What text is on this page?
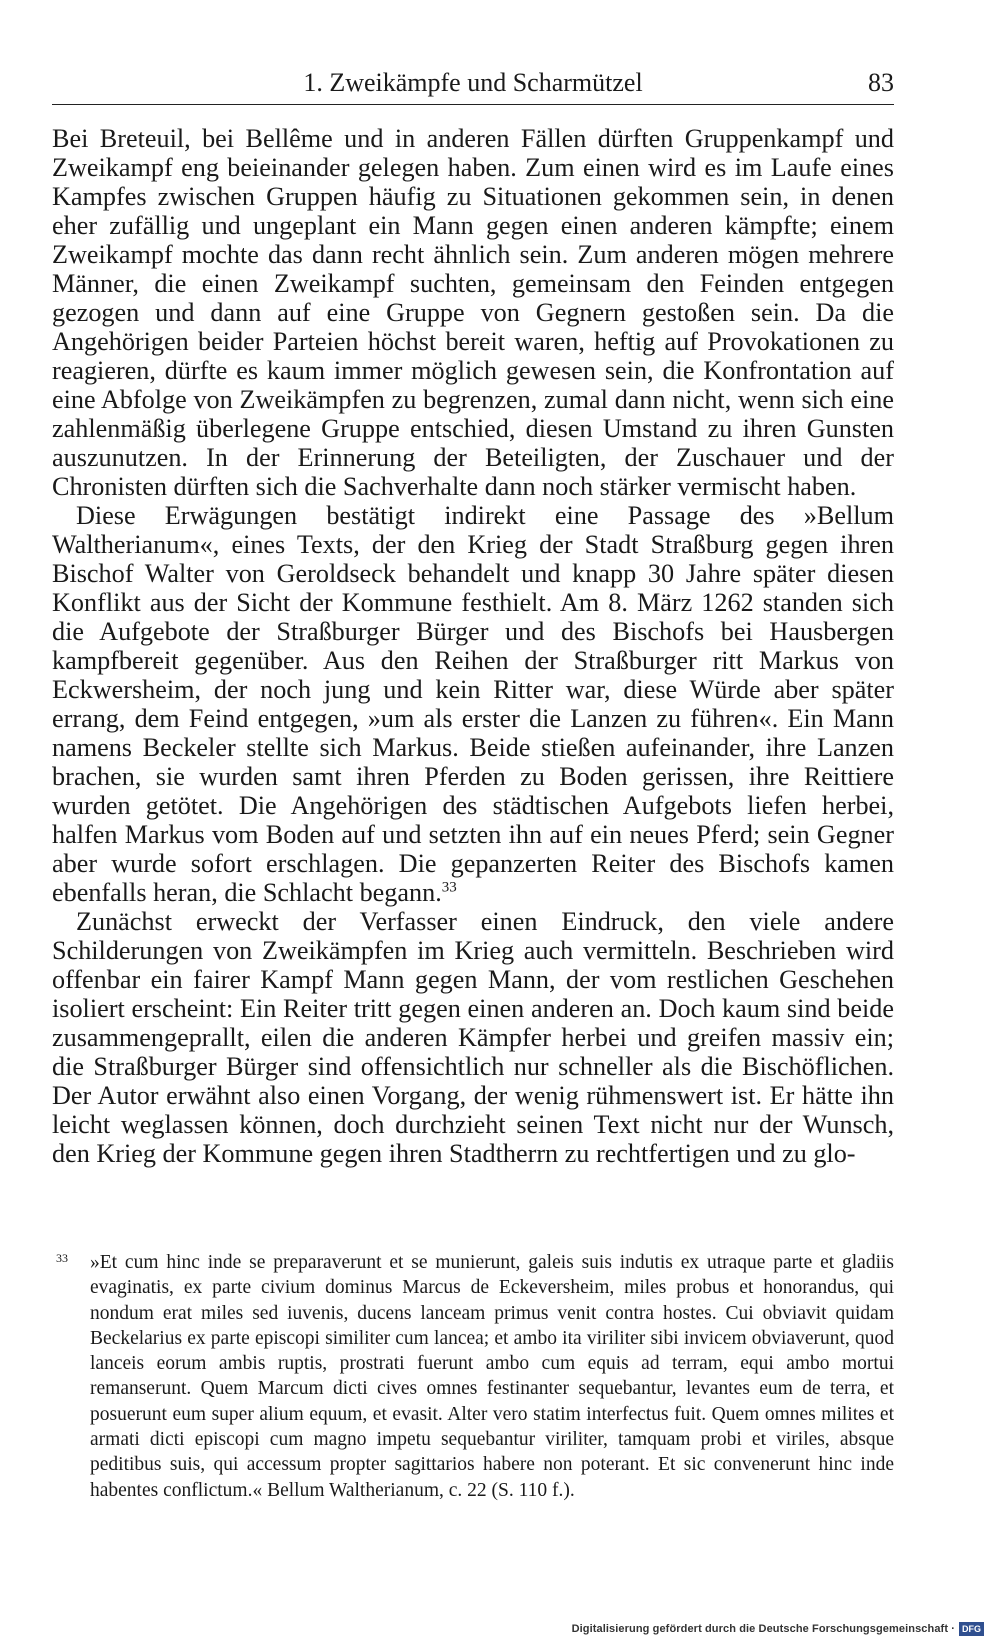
1. Zweikämpfe und Scharmützel	83

Bei Breteuil, bei Bellême und in anderen Fällen dürften Gruppenkampf und Zweikampf eng beieinander gelegen haben. Zum einen wird es im Laufe eines Kampfes zwischen Gruppen häufig zu Situationen gekommen sein, in denen eher zufällig und ungeplant ein Mann gegen einen anderen kämpfte; einem Zweikampf mochte das dann recht ähnlich sein. Zum anderen mögen mehrere Männer, die einen Zweikampf suchten, gemeinsam den Feinden entgegen gezogen und dann auf eine Gruppe von Gegnern gestoßen sein. Da die Angehörigen beider Parteien höchst bereit waren, heftig auf Provokationen zu reagieren, dürfte es kaum immer möglich gewesen sein, die Konfrontation auf eine Abfolge von Zweikämpfen zu begrenzen, zumal dann nicht, wenn sich eine zahlenmäßig überlegene Gruppe entschied, diesen Umstand zu ihren Gunsten auszunutzen. In der Erinnerung der Beteiligten, der Zuschauer und der Chronisten dürften sich die Sachverhalte dann noch stärker vermischt haben.

Diese Erwägungen bestätigt indirekt eine Passage des »Bellum Waltherianum«, eines Texts, der den Krieg der Stadt Straßburg gegen ihren Bischof Walter von Geroldseck behandelt und knapp 30 Jahre später diesen Konflikt aus der Sicht der Kommune festhielt. Am 8. März 1262 standen sich die Aufgebote der Straßburger Bürger und des Bischofs bei Hausbergen kampfbereit gegenüber. Aus den Reihen der Straßburger ritt Markus von Eckwersheim, der noch jung und kein Ritter war, diese Würde aber später errang, dem Feind entgegen, »um als erster die Lanzen zu führen«. Ein Mann namens Beckeler stellte sich Markus. Beide stießen aufeinander, ihre Lanzen brachen, sie wurden samt ihren Pferden zu Boden gerissen, ihre Reittiere wurden getötet. Die Angehörigen des städtischen Aufgebots liefen herbei, halfen Markus vom Boden auf und setzten ihn auf ein neues Pferd; sein Gegner aber wurde sofort erschlagen. Die gepanzerten Reiter des Bischofs kamen ebenfalls heran, die Schlacht begann.$^{33}$

Zunächst erweckt der Verfasser einen Eindruck, den viele andere Schilderungen von Zweikämpfen im Krieg auch vermitteln. Beschrieben wird offenbar ein fairer Kampf Mann gegen Mann, der vom restlichen Geschehen isoliert erscheint: Ein Reiter tritt gegen einen anderen an. Doch kaum sind beide zusammengeprallt, eilen die anderen Kämpfer herbei und greifen massiv ein; die Straßburger Bürger sind offensichtlich nur schneller als die Bischöflichen. Der Autor erwähnt also einen Vorgang, der wenig rühmenswert ist. Er hätte ihn leicht weglassen können, doch durchzieht seinen Text nicht nur der Wunsch, den Krieg der Kommune gegen ihren Stadtherrn zu rechtfertigen und zu glo-

33 »Et cum hinc inde se preparaverunt et se munierunt, galeis suis indutis ex utraque parte et gladiis evaginatis, ex parte civium dominus Marcus de Eckeversheim, miles probus et honorandus, qui nondum erat miles sed iuvenis, ducens lanceam primus venit contra hostes. Cui obviavit quidam Beckelarius ex parte episcopi similiter cum lancea; et ambo ita viriliter sibi invicem obviaverunt, quod lanceis eorum ambis ruptis, prostrati fuerunt ambo cum equis ad terram, equi ambo mortui remanserunt. Quem Marcum dicti cives omnes festinanter sequebantur, levantes eum de terra, et posuerunt eum super alium equum, et evasit. Alter vero statim interfectus fuit. Quem omnes milites et armati dicti episcopi cum magno impetu sequebantur viriliter, tamquam probi et viriles, absque peditibus suis, qui accessum propter sagittarios habere non poterant. Et sic convenerunt hinc inde habentes conflictum.« Bellum Waltherianum, c. 22 (S. 110 f.).
Digitalisierung gefördert durch die Deutsche Forschungsgemeinschaft · DFG
